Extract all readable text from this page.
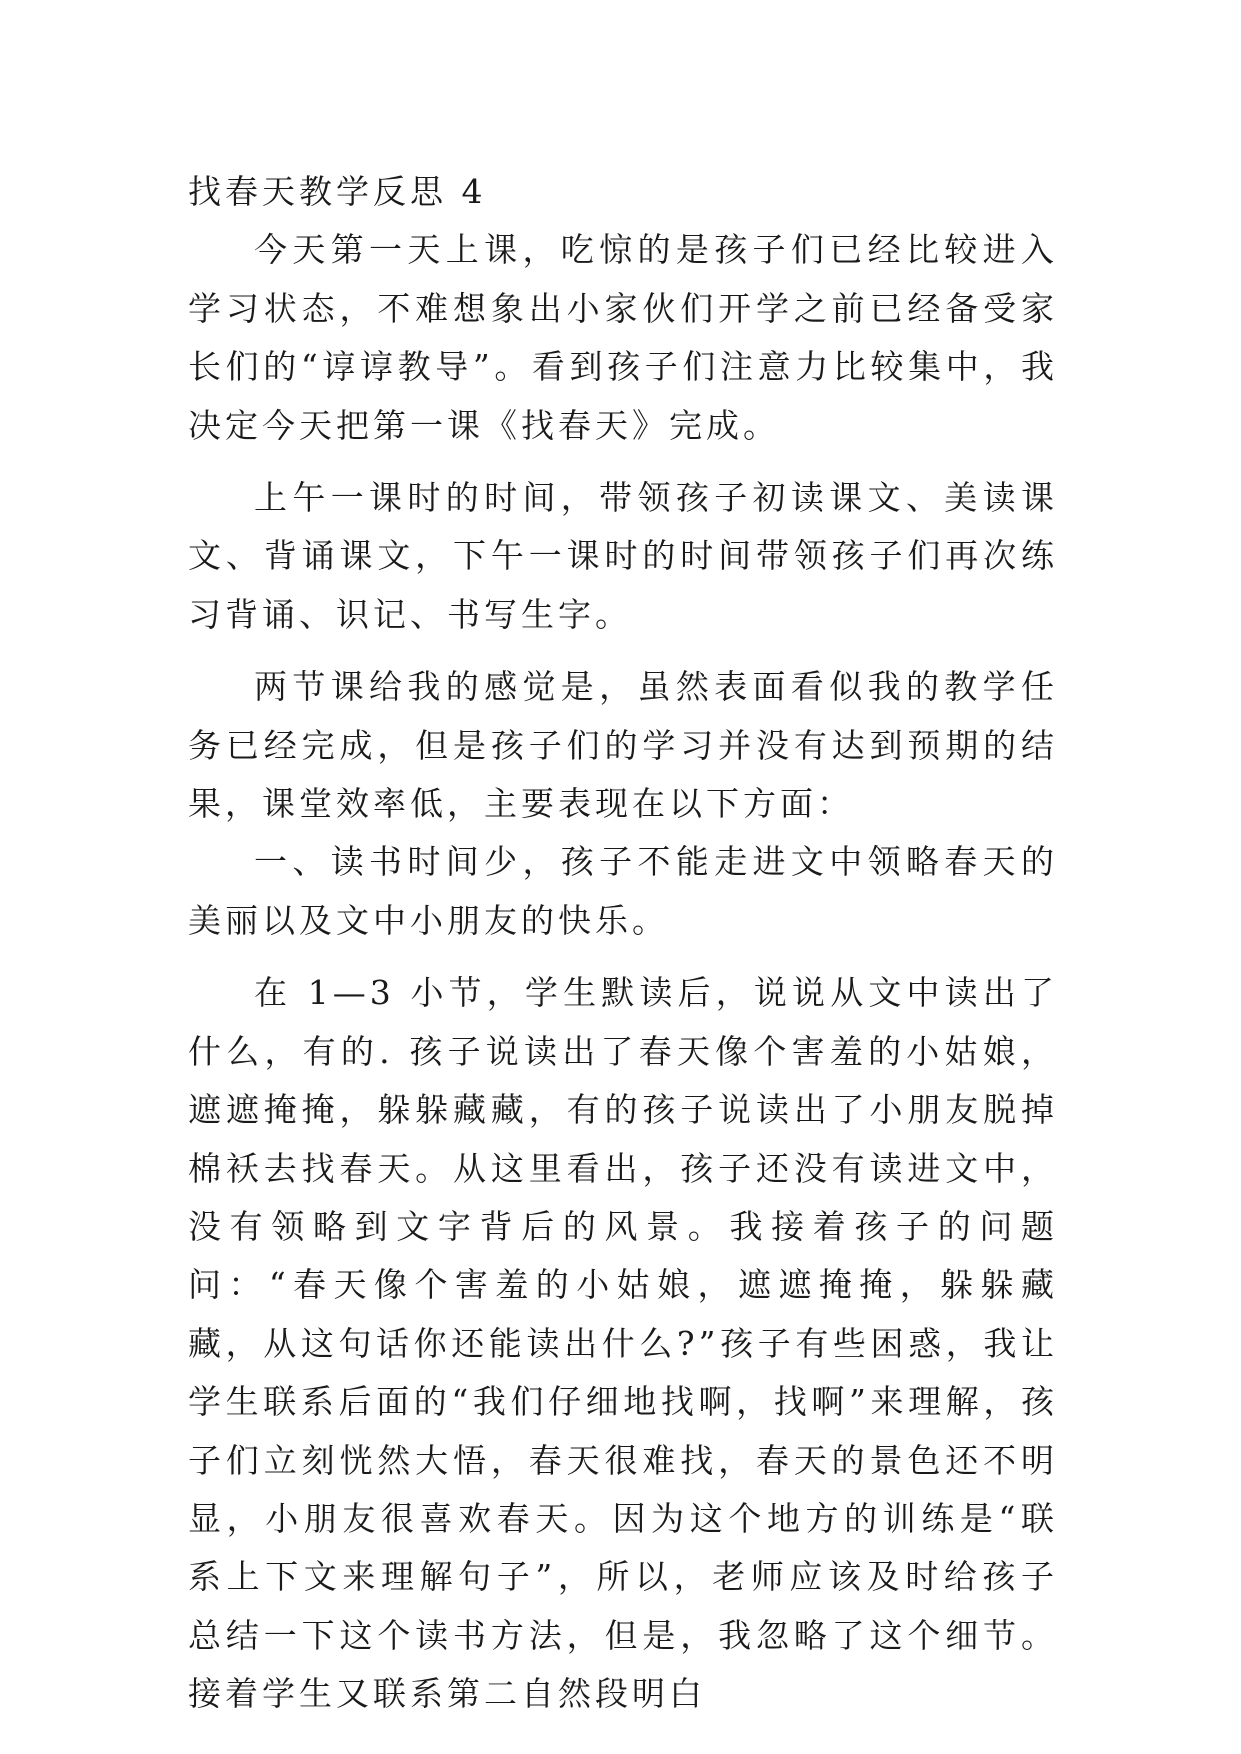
找春天教学反思 4

今天第一天上课，吃惊的是孩子们已经比较进入学习状态，不难想象出小家伙们开学之前已经备受家长们的“谆谆教导”。看到孩子们注意力比较集中，我决定今天把第一课《找春天》完成。

上午一课时的时间，带领孩子初读课文、美读课文、背诵课文，下午一课时的时间带领孩子们再次练习背诵、识记、书写生字。

两节课给我的感觉是，虽然表面看似我的教学任务已经完成，但是孩子们的学习并没有达到预期的结果，课堂效率低，主要表现在以下方面：

一、读书时间少，孩子不能走进文中领略春天的美丽以及文中小朋友的快乐。

在 1—3 小节，学生默读后，说说从文中读出了什么，有的. 孩子说读出了春天像个害羞的小姑娘，遮遮掩掩，躲躲藏藏，有的孩子说读出了小朋友脱掉棉袄去找春天。从这里看出，孩子还没有读进文中，没有领略到文字背后的风景。我接着孩子的问题问：“春天像个害羞的小姑娘，遮遮掩掩，躲躲藏藏，从这句话你还能读出什么?”孩子有些困惑，我让学生联系后面的“我们仔细地找啊，找啊”来理解，孩子们立刻恍然大悟，春天很难找，春天的景色还不明显，小朋友很喜欢春天。因为这个地方的训练是“联系上下文来理解句子”，所以，老师应该及时给孩子总结一下这个读书方法，但是，我忽略了这个细节。接着学生又联系第二自然段明白
